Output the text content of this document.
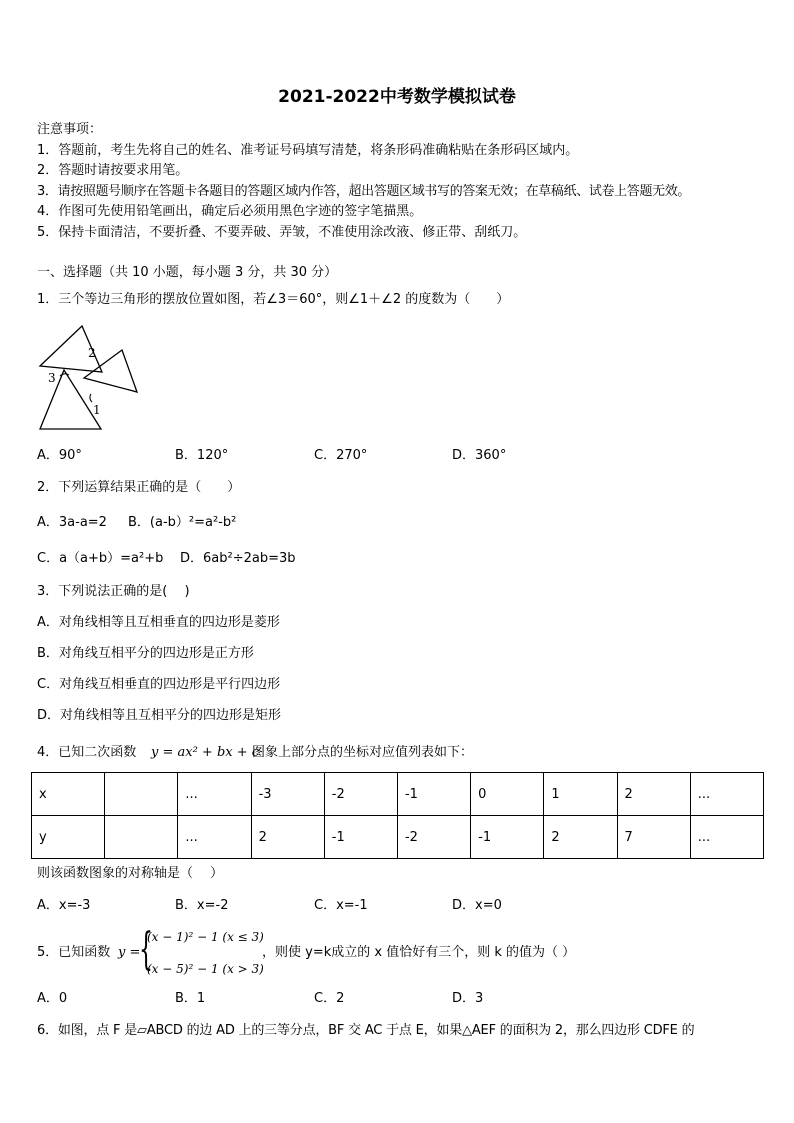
2021-2022中考数学模拟试卷
注意事项：
1．答题前，考生先将自己的姓名、准考证号码填写清楚，将条形码准确粘贴在条形码区域内。
2．答题时请按要求用笔。
3．请按照题号顺序在答题卡各题目的答题区域内作答，超出答题区域书写的答案无效；在草稿纸、试卷上答题无效。
4．作图可先使用铅笔画出，确定后必须用黑色字迹的签字笔描黑。
5．保持卡面清洁，不要折叠、不要弄破、弄皱，不准使用涂改液、修正带、刮纸刀。
一、选择题（共 10 小题，每小题 3 分，共 30 分）
1．三个等边三角形的摆放位置如图，若∠3＝60°，则∠1＋∠2 的度数为（　　）
2
3
1
A．90°	B．120°	C．270°	D．360°
2．下列运算结果正确的是（　　）
A．3a-a=2 B．(a-b）²=a²-b²
C．a（a+b）=a²+b D．6ab²÷2ab=3b
3．下列说法正确的是(　 )
A．对角线相等且互相垂直的四边形是菱形
B．对角线互相平分的四边形是正方形
C．对角线互相垂直的四边形是平行四边形
D．对角线相等且互相平分的四边形是矩形
4．已知二次函数 y = ax² + bx + c
图象上部分点的坐标对应值列表如下：
x		...	-3	-2	-1	0	1	2	...
y		...	2	-1	-2	-1	2	7	...
则该函数图象的对称轴是（　 ）
A．x=-3	B．x=-2	C．x=-1	D．x=0
5．已知函数 y =
{
(x − 1)² − 1 (x ≤ 3)
(x − 5)² − 1 (x > 3)
，则使 y=k成立的 x 值恰好有三个，则 k 的值为（ ）
A．0	B．1	C．2	D．3
6．如图，点 F 是▱ABCD 的边 AD 上的三等分点，BF 交 AC 于点 E，如果△AEF 的面积为 2，那么四边形 CDFE 的
